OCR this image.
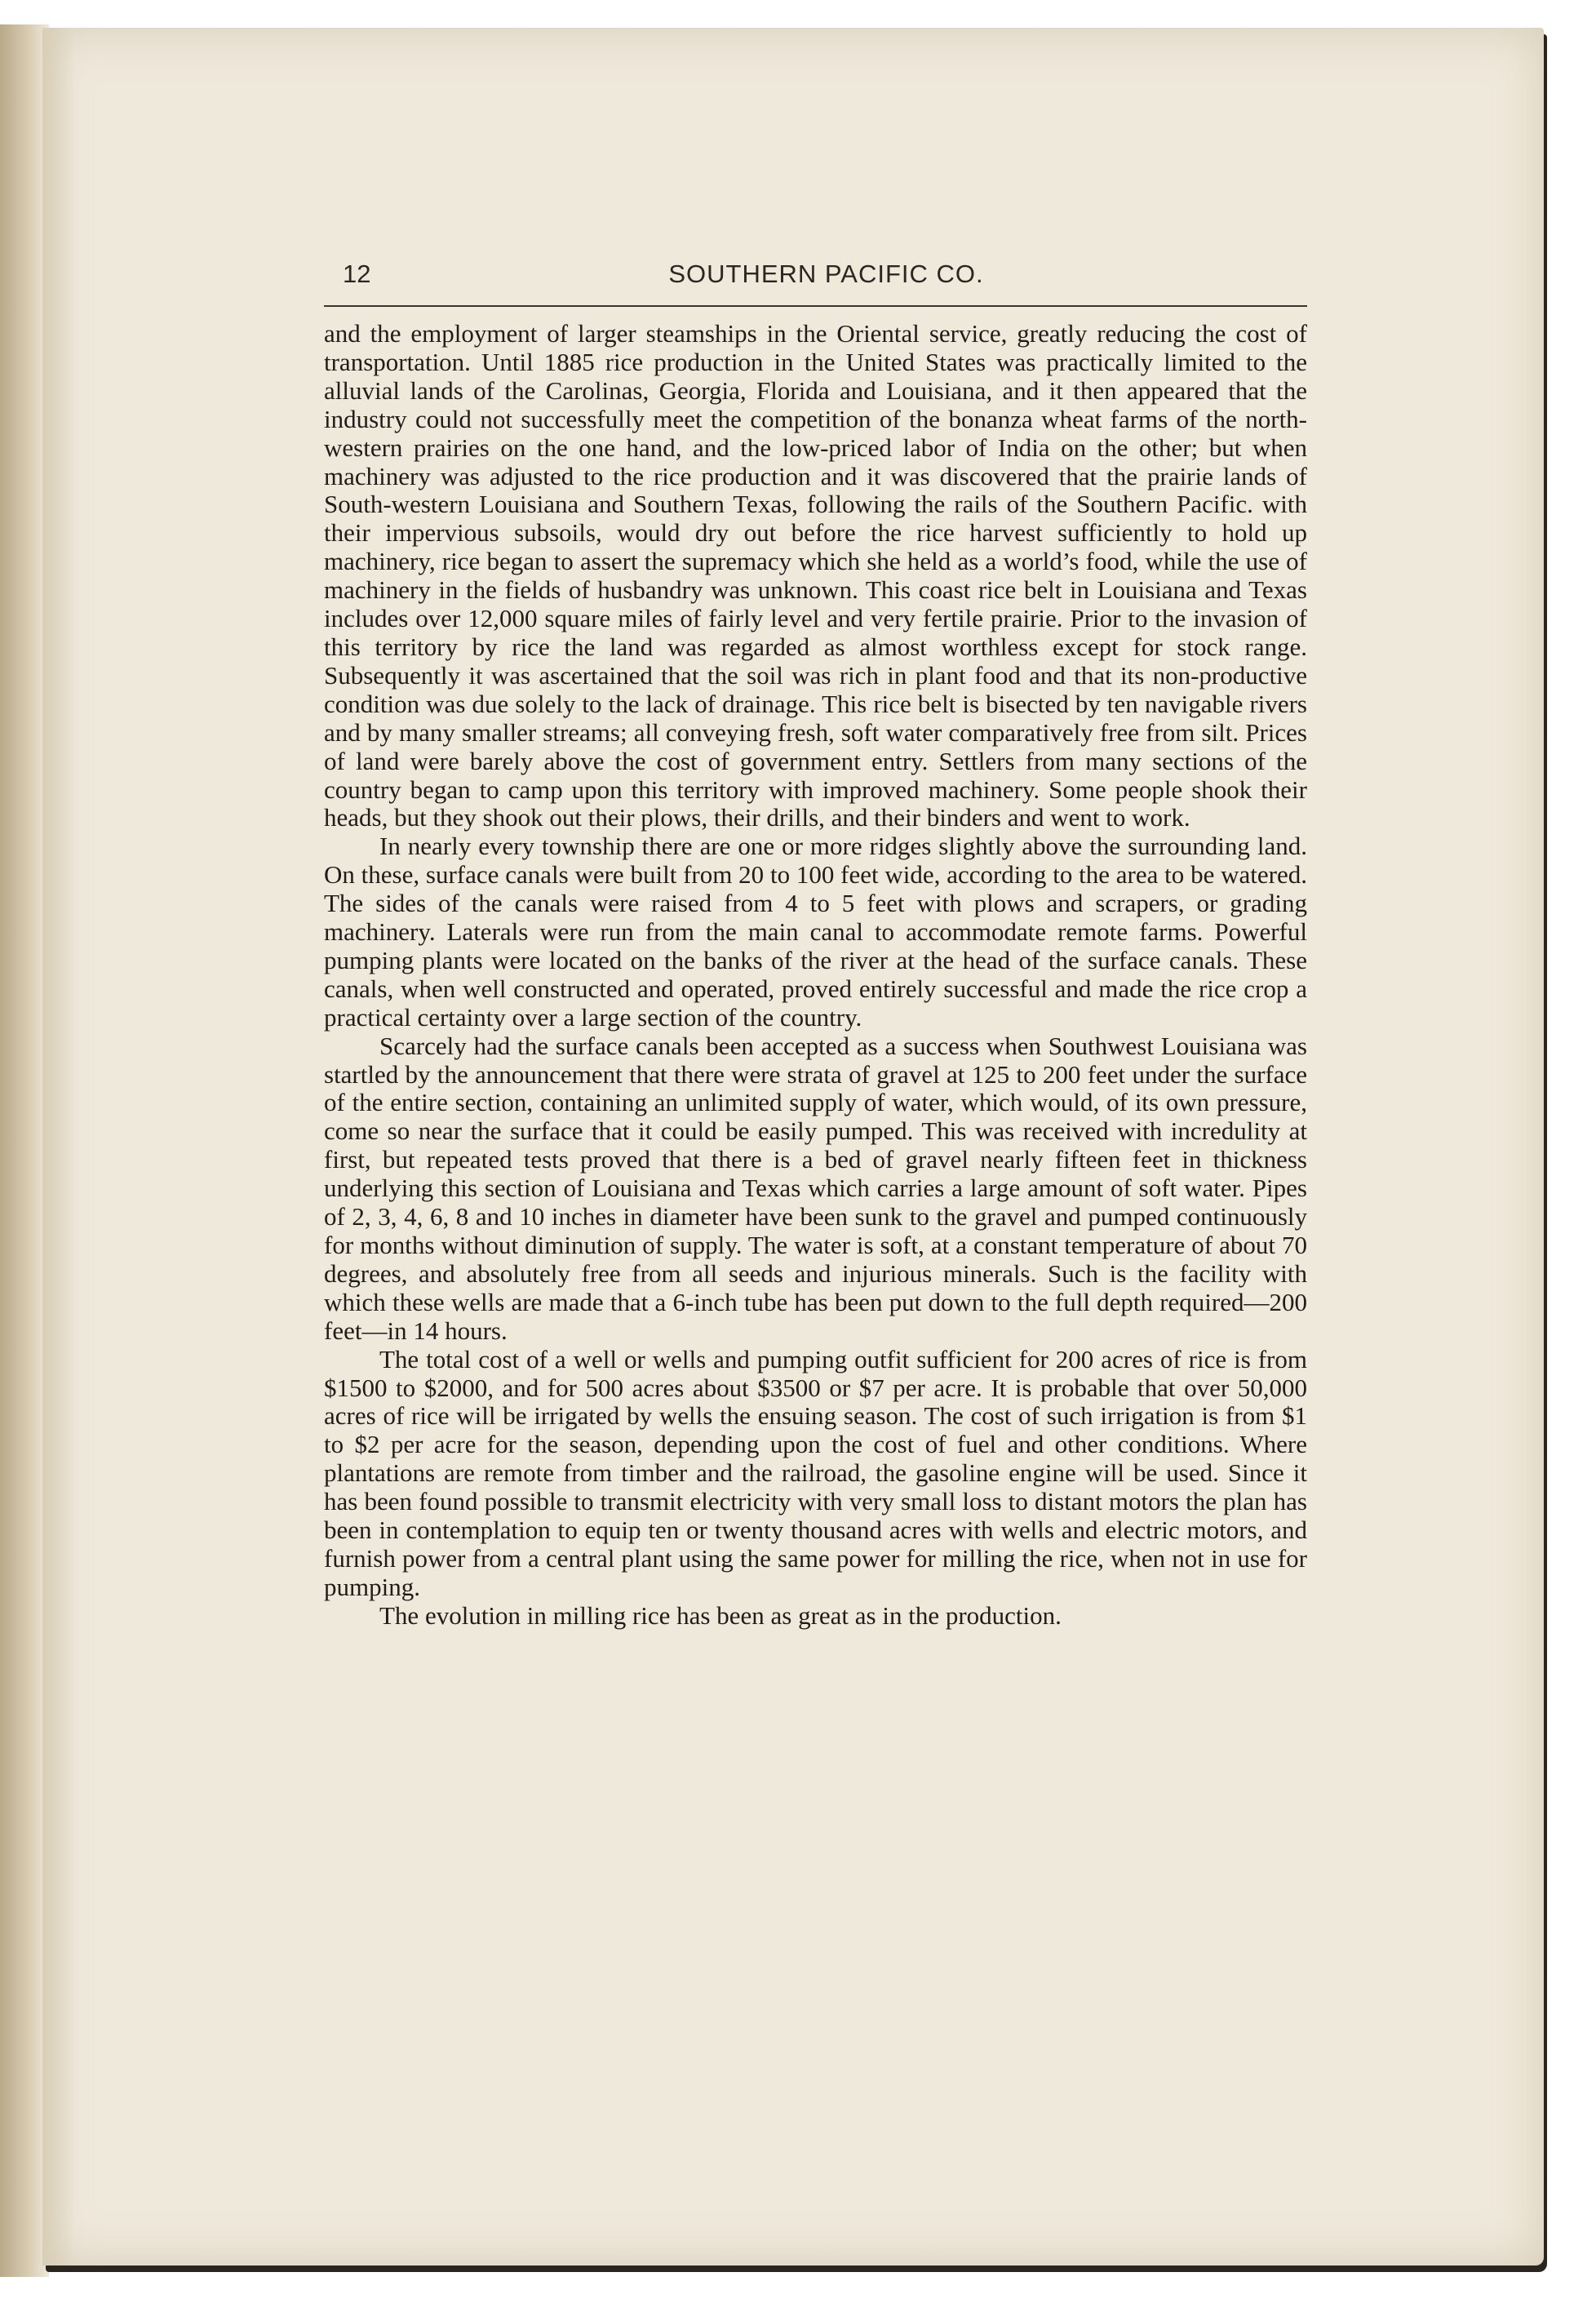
12	SOUTHERN PACIFIC CO.

and the employment of larger steamships in the Oriental service, greatly reducing the cost of transportation. Until 1885 rice production in the United States was practically limited to the alluvial lands of the Carolinas, Georgia, Florida and Louisiana, and it then appeared that the industry could not successfully meet the competition of the bonanza wheat farms of the north-western prairies on the one hand, and the low-priced labor of India on the other; but when machinery was adjusted to the rice production and it was discovered that the prairie lands of South-western Louisiana and Southern Texas, following the rails of the Southern Pacific. with their impervious subsoils, would dry out before the rice harvest sufficiently to hold up machinery, rice began to assert the supremacy which she held as a world’s food, while the use of machinery in the fields of husbandry was unknown. This coast rice belt in Louisiana and Texas includes over 12,000 square miles of fairly level and very fertile prairie. Prior to the invasion of this territory by rice the land was regarded as almost worthless except for stock range. Subsequently it was ascertained that the soil was rich in plant food and that its non-productive condition was due solely to the lack of drainage. This rice belt is bisected by ten navigable rivers and by many smaller streams; all conveying fresh, soft water comparatively free from silt. Prices of land were barely above the cost of government entry. Settlers from many sections of the country began to camp upon this territory with improved machinery. Some people shook their heads, but they shook out their plows, their drills, and their binders and went to work.

In nearly every township there are one or more ridges slightly above the surrounding land. On these, surface canals were built from 20 to 100 feet wide, according to the area to be watered. The sides of the canals were raised from 4 to 5 feet with plows and scrapers, or grading machinery. Laterals were run from the main canal to accommodate remote farms. Powerful pumping plants were located on the banks of the river at the head of the surface canals. These canals, when well constructed and operated, proved entirely successful and made the rice crop a practical certainty over a large section of the country.

Scarcely had the surface canals been accepted as a success when Southwest Louisiana was startled by the announcement that there were strata of gravel at 125 to 200 feet under the surface of the entire section, containing an unlimited supply of water, which would, of its own pressure, come so near the surface that it could be easily pumped. This was received with incredulity at first, but repeated tests proved that there is a bed of gravel nearly fifteen feet in thickness underlying this section of Louisiana and Texas which carries a large amount of soft water. Pipes of 2, 3, 4, 6, 8 and 10 inches in diameter have been sunk to the gravel and pumped continuously for months without diminution of supply. The water is soft, at a constant temperature of about 70 degrees, and absolutely free from all seeds and injurious minerals. Such is the facility with which these wells are made that a 6-inch tube has been put down to the full depth required—200 feet—in 14 hours.

The total cost of a well or wells and pumping outfit sufficient for 200 acres of rice is from $1500 to $2000, and for 500 acres about $3500 or $7 per acre. It is probable that over 50,000 acres of rice will be irrigated by wells the ensuing season. The cost of such irrigation is from $1 to $2 per acre for the season, depending upon the cost of fuel and other conditions. Where plantations are remote from timber and the railroad, the gasoline engine will be used. Since it has been found possible to transmit electricity with very small loss to distant motors the plan has been in contemplation to equip ten or twenty thousand acres with wells and electric motors, and furnish power from a central plant using the same power for milling the rice, when not in use for pumping.

The evolution in milling rice has been as great as in the production.
